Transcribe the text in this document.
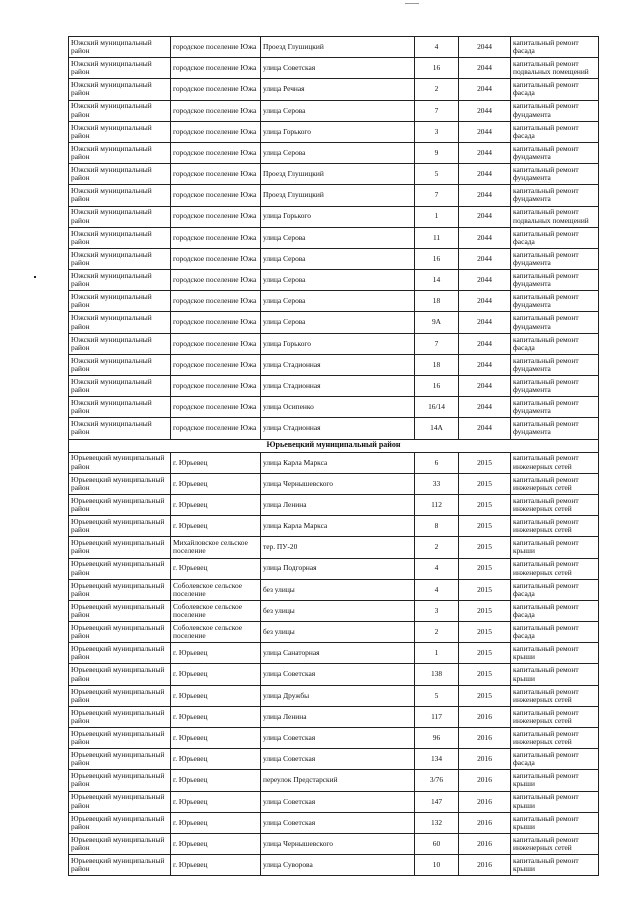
Южский муниципальный район	городское поселение Южа	Проезд Глушицкий	4	2044	капитальный ремонт фасада
Южский муниципальный район	городское поселение Южа	улица Советская	16	2044	капитальный ремонт подвальных помещений
Южский муниципальный район	городское поселение Южа	улица Речная	2	2044	капитальный ремонт фасада
Южский муниципальный район	городское поселение Южа	улица Серова	7	2044	капитальный ремонт фундамента
Южский муниципальный район	городское поселение Южа	улица Горького	3	2044	капитальный ремонт фасада
Южский муниципальный район	городское поселение Южа	улица Серова	9	2044	капитальный ремонт фундамента
Южский муниципальный район	городское поселение Южа	Проезд Глушицкий	5	2044	капитальный ремонт фундамента
Южский муниципальный район	городское поселение Южа	Проезд Глушицкий	7	2044	капитальный ремонт фундамента
Южский муниципальный район	городское поселение Южа	улица Горького	1	2044	капитальный ремонт подвальных помещений
Южский муниципальный район	городское поселение Южа	улица Серова	11	2044	капитальный ремонт фасада
Южский муниципальный район	городское поселение Южа	улица Серова	16	2044	капитальный ремонт фундамента
Южский муниципальный район	городское поселение Южа	улица Серова	14	2044	капитальный ремонт фундамента
Южский муниципальный район	городское поселение Южа	улица Серова	18	2044	капитальный ремонт фундамента
Южский муниципальный район	городское поселение Южа	улица Серова	9А	2044	капитальный ремонт фундамента
Южский муниципальный район	городское поселение Южа	улица Горького	7	2044	капитальный ремонт фасада
Южский муниципальный район	городское поселение Южа	улица Стадионная	18	2044	капитальный ремонт фундамента
Южский муниципальный район	городское поселение Южа	улица Стадионная	16	2044	капитальный ремонт фундамента
Южский муниципальный район	городское поселение Южа	улица Осипенко	16/14	2044	капитальный ремонт фундамента
Южский муниципальный район	городское поселение Южа	улица Стадионная	14А	2044	капитальный ремонт фундамента
Юрьевецкий муниципальный район					
Юрьевецкий муниципальный район	г. Юрьевец	улица Карла Маркса	6	2015	капитальный ремонт инженерных сетей
Юрьевецкий муниципальный район	г. Юрьевец	улица Чернышевского	33	2015	капитальный ремонт инженерных сетей
Юрьевецкий муниципальный район	г. Юрьевец	улица Ленина	112	2015	капитальный ремонт инженерных сетей
Юрьевецкий муниципальный район	г. Юрьевец	улица Карла Маркса	8	2015	капитальный ремонт инженерных сетей
Юрьевецкий муниципальный район	Михайловское сельское поселение	тер. ПУ-20	2	2015	капитальный ремонт крыши
Юрьевецкий муниципальный район	г. Юрьевец	улица Подгорная	4	2015	капитальный ремонт инженерных сетей
Юрьевецкий муниципальный район	Соболевское сельское поселение	без улицы	4	2015	капитальный ремонт фасада
Юрьевецкий муниципальный район	Соболевское сельское поселение	без улицы	3	2015	капитальный ремонт фасада
Юрьевецкий муниципальный район	Соболевское сельское поселение	без улицы	2	2015	капитальный ремонт фасада
Юрьевецкий муниципальный район	г. Юрьевец	улица Санаторная	1	2015	капитальный ремонт крыши
Юрьевецкий муниципальный район	г. Юрьевец	улица Советская	138	2015	капитальный ремонт крыши
Юрьевецкий муниципальный район	г. Юрьевец	улица Дружбы	5	2015	капитальный ремонт инженерных сетей
Юрьевецкий муниципальный район	г. Юрьевец	улица Ленина	117	2016	капитальный ремонт инженерных сетей
Юрьевецкий муниципальный район	г. Юрьевец	улица Советская	96	2016	капитальный ремонт инженерных сетей
Юрьевецкий муниципальный район	г. Юрьевец	улица Советская	134	2016	капитальный ремонт фасада
Юрьевецкий муниципальный район	г. Юрьевец	переулок Предстарский	3/76	2016	капитальный ремонт крыши
Юрьевецкий муниципальный район	г. Юрьевец	улица Советская	147	2016	капитальный ремонт крыши
Юрьевецкий муниципальный район	г. Юрьевец	улица Советская	132	2016	капитальный ремонт крыши
Юрьевецкий муниципальный район	г. Юрьевец	улица Чернышевского	60	2016	капитальный ремонт инженерных сетей
Юрьевецкий муниципальный район	г. Юрьевец	улица Суворова	10	2016	капитальный ремонт крыши
